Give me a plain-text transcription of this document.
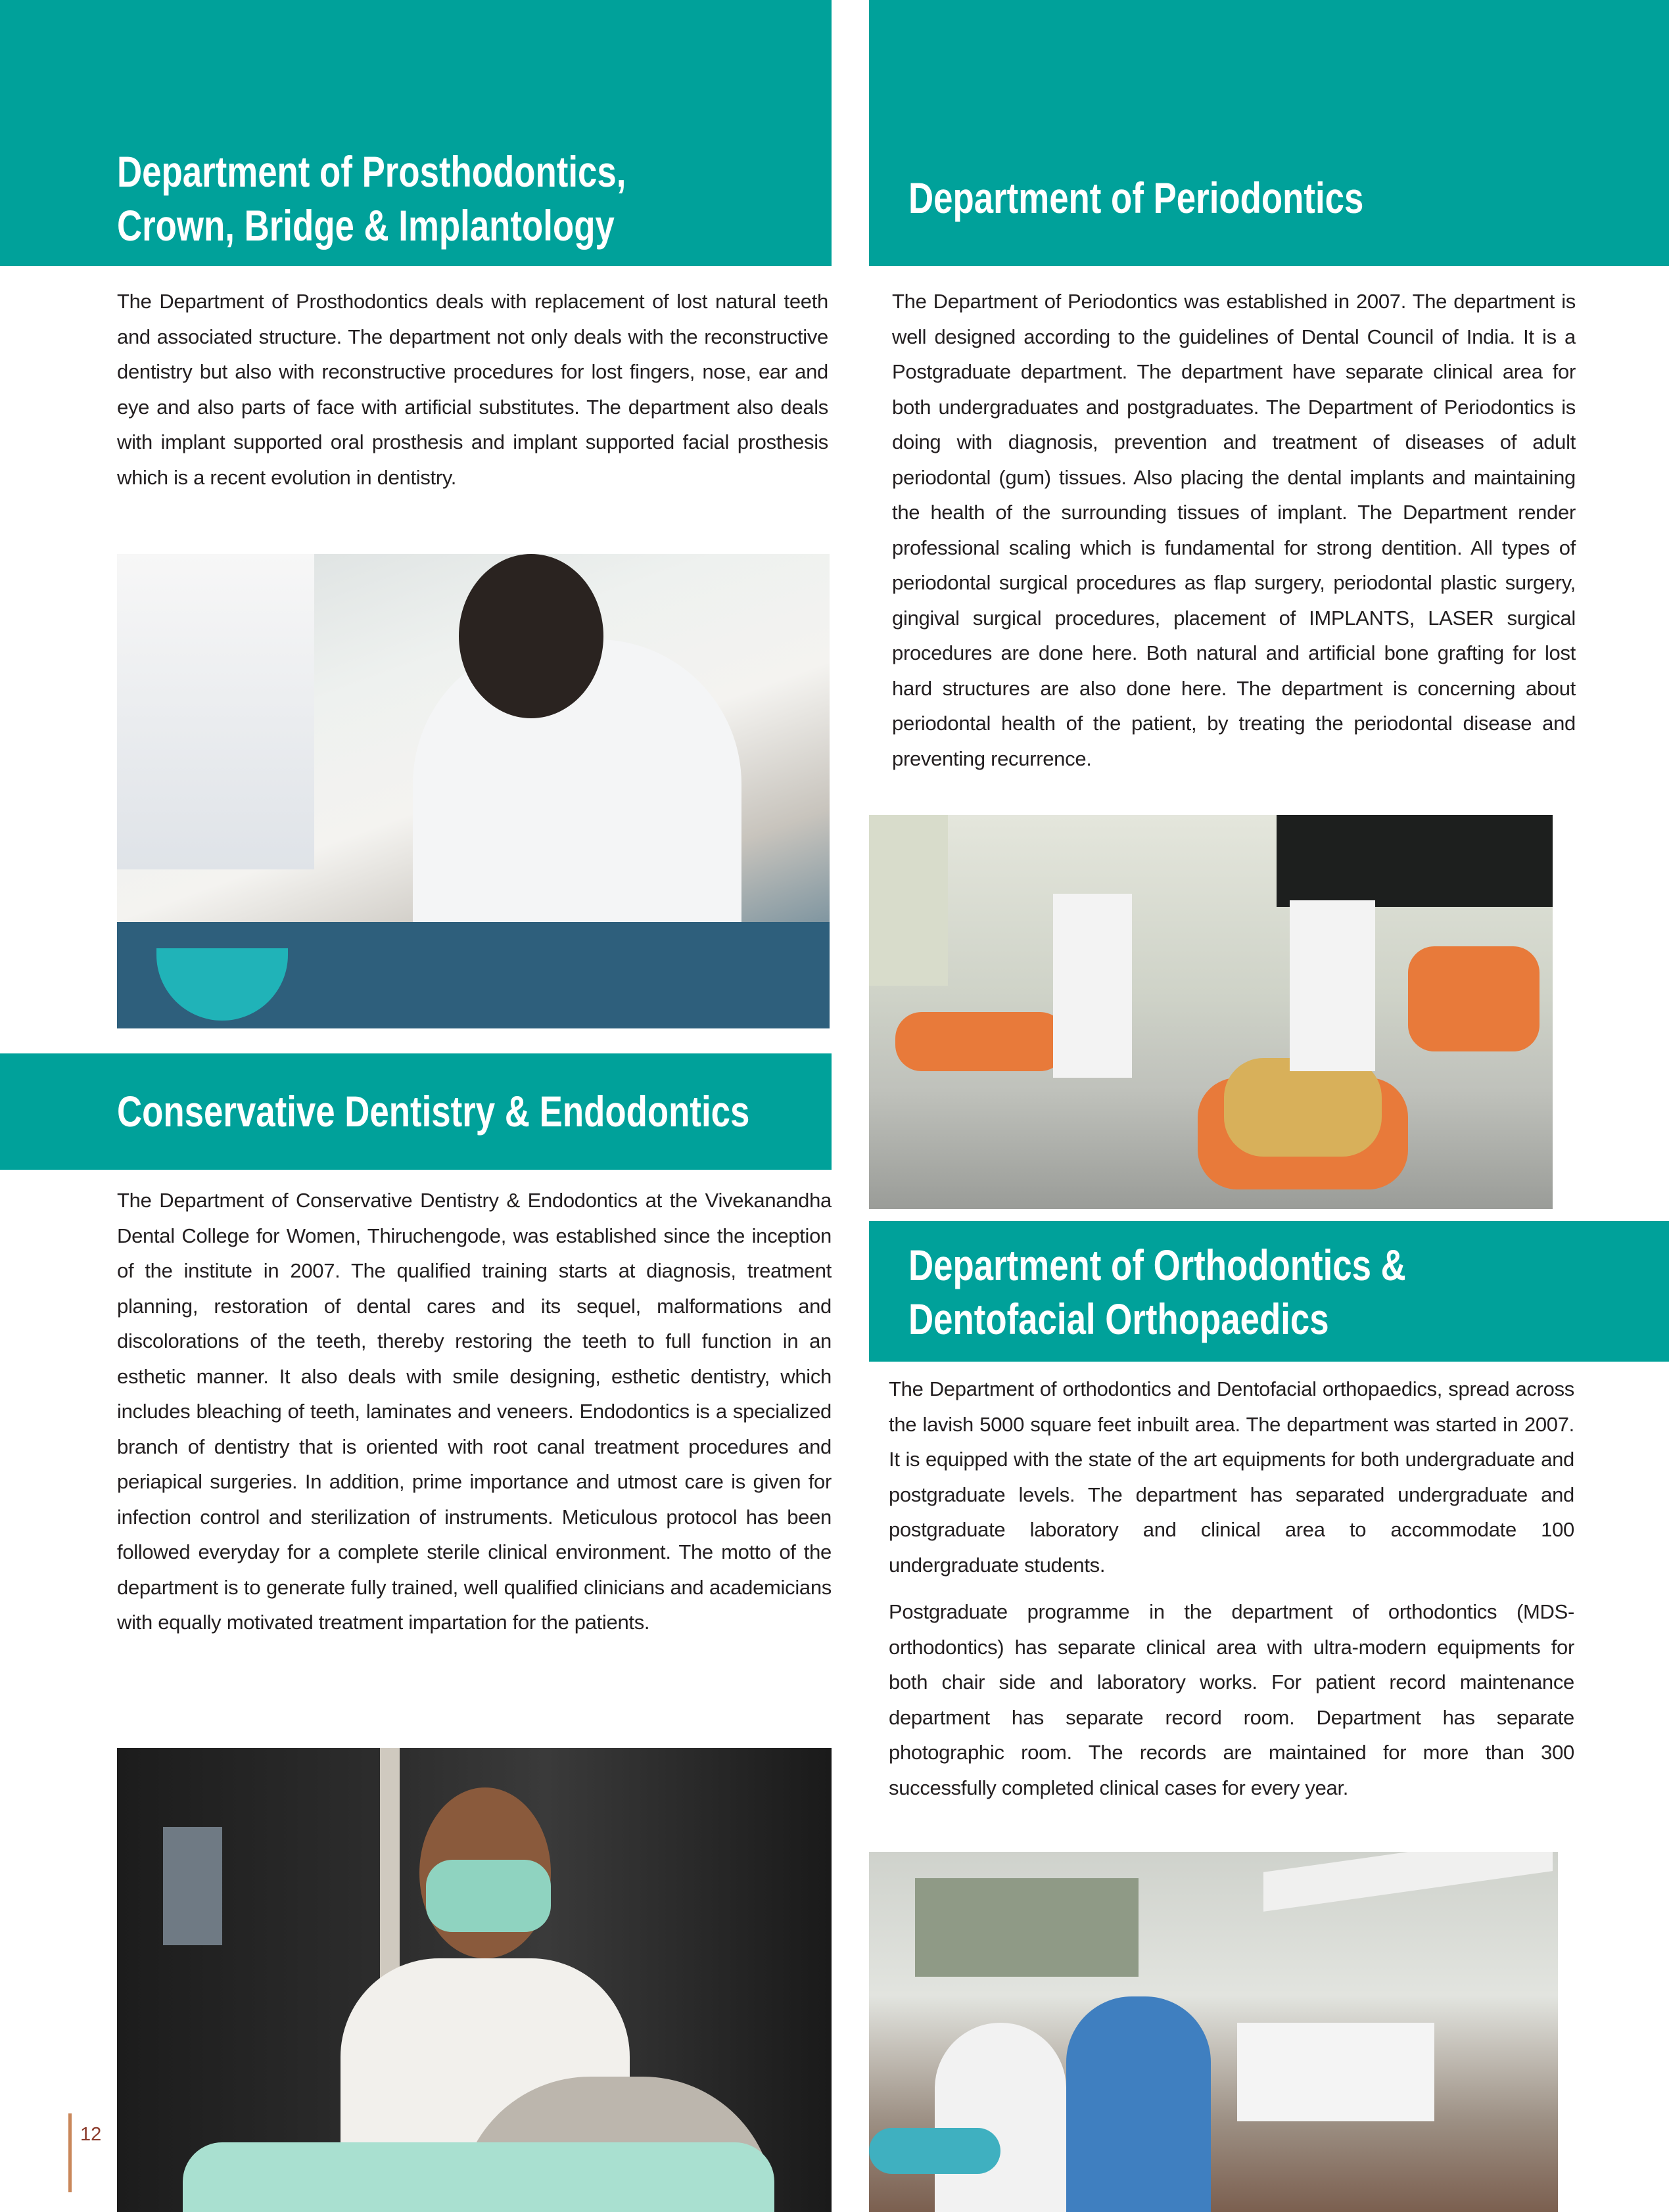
Department of Prosthodontics,
Crown, Bridge & Implantology

The Department of Prosthodontics deals with replacement of lost natural teeth and associated structure. The department not only deals with the reconstructive dentistry but also with reconstructive procedures for lost fingers, nose, ear and eye and also parts of face with artificial substitutes. The department also deals with implant supported oral prosthesis and implant supported facial prosthesis which is a recent evolution in dentistry.

Conservative Dentistry & Endodontics

The Department of Conservative Dentistry & Endodontics at the Vivekanandha Dental College for Women, Thiruchengode, was established since the inception of the institute in 2007. The qualified training starts at diagnosis, treatment planning, restoration of dental cares and its sequel, malformations and discolorations of the teeth, thereby restoring the teeth to full function in an esthetic manner. It also deals with smile designing, esthetic dentistry, which includes bleaching of teeth, laminates and veneers. Endodontics is a specialized branch of dentistry that is oriented with root canal treatment procedures and periapical surgeries. In addition, prime importance and utmost care is given for infection control and sterilization of instruments. Meticulous protocol has been followed everyday for a complete sterile clinical environment. The motto of the department is to generate fully trained, well qualified clinicians and academicians with equally motivated treatment impartation for the patients.

12
Department of Periodontics

The Department of Periodontics was established in 2007. The department is well designed according to the guidelines of Dental Council of India. It is a Postgraduate department. The department have separate clinical area for both undergraduates and postgraduates. The Department of Periodontics is doing with diagnosis, prevention and treatment of diseases of adult periodontal (gum) tissues. Also placing the dental implants and maintaining the health of the surrounding tissues of implant. The Department render professional scaling which is fundamental for strong dentition. All types of periodontal surgical procedures as flap surgery, periodontal plastic surgery, gingival surgical procedures, placement of IMPLANTS, LASER surgical procedures are done here. Both natural and artificial bone grafting for lost hard structures are also done here. The department is concerning about periodontal health of the patient, by treating the periodontal disease and preventing recurrence.

Department of Orthodontics &
Dentofacial Orthopaedics

The Department of orthodontics and Dentofacial orthopaedics, spread across the lavish 5000 square feet inbuilt area. The department was started in 2007. It is equipped with the state of the art equipments for both undergraduate and postgraduate levels. The department has separated undergraduate and postgraduate laboratory and clinical area to accommodate 100 undergraduate students.

Postgraduate programme in the department of orthodontics (MDS-orthodontics) has separate clinical area with ultra-modern equipments for both chair side and laboratory works. For patient record maintenance department has separate record room. Department has separate photographic room. The records are maintained for more than 300 successfully completed clinical cases for every year.
